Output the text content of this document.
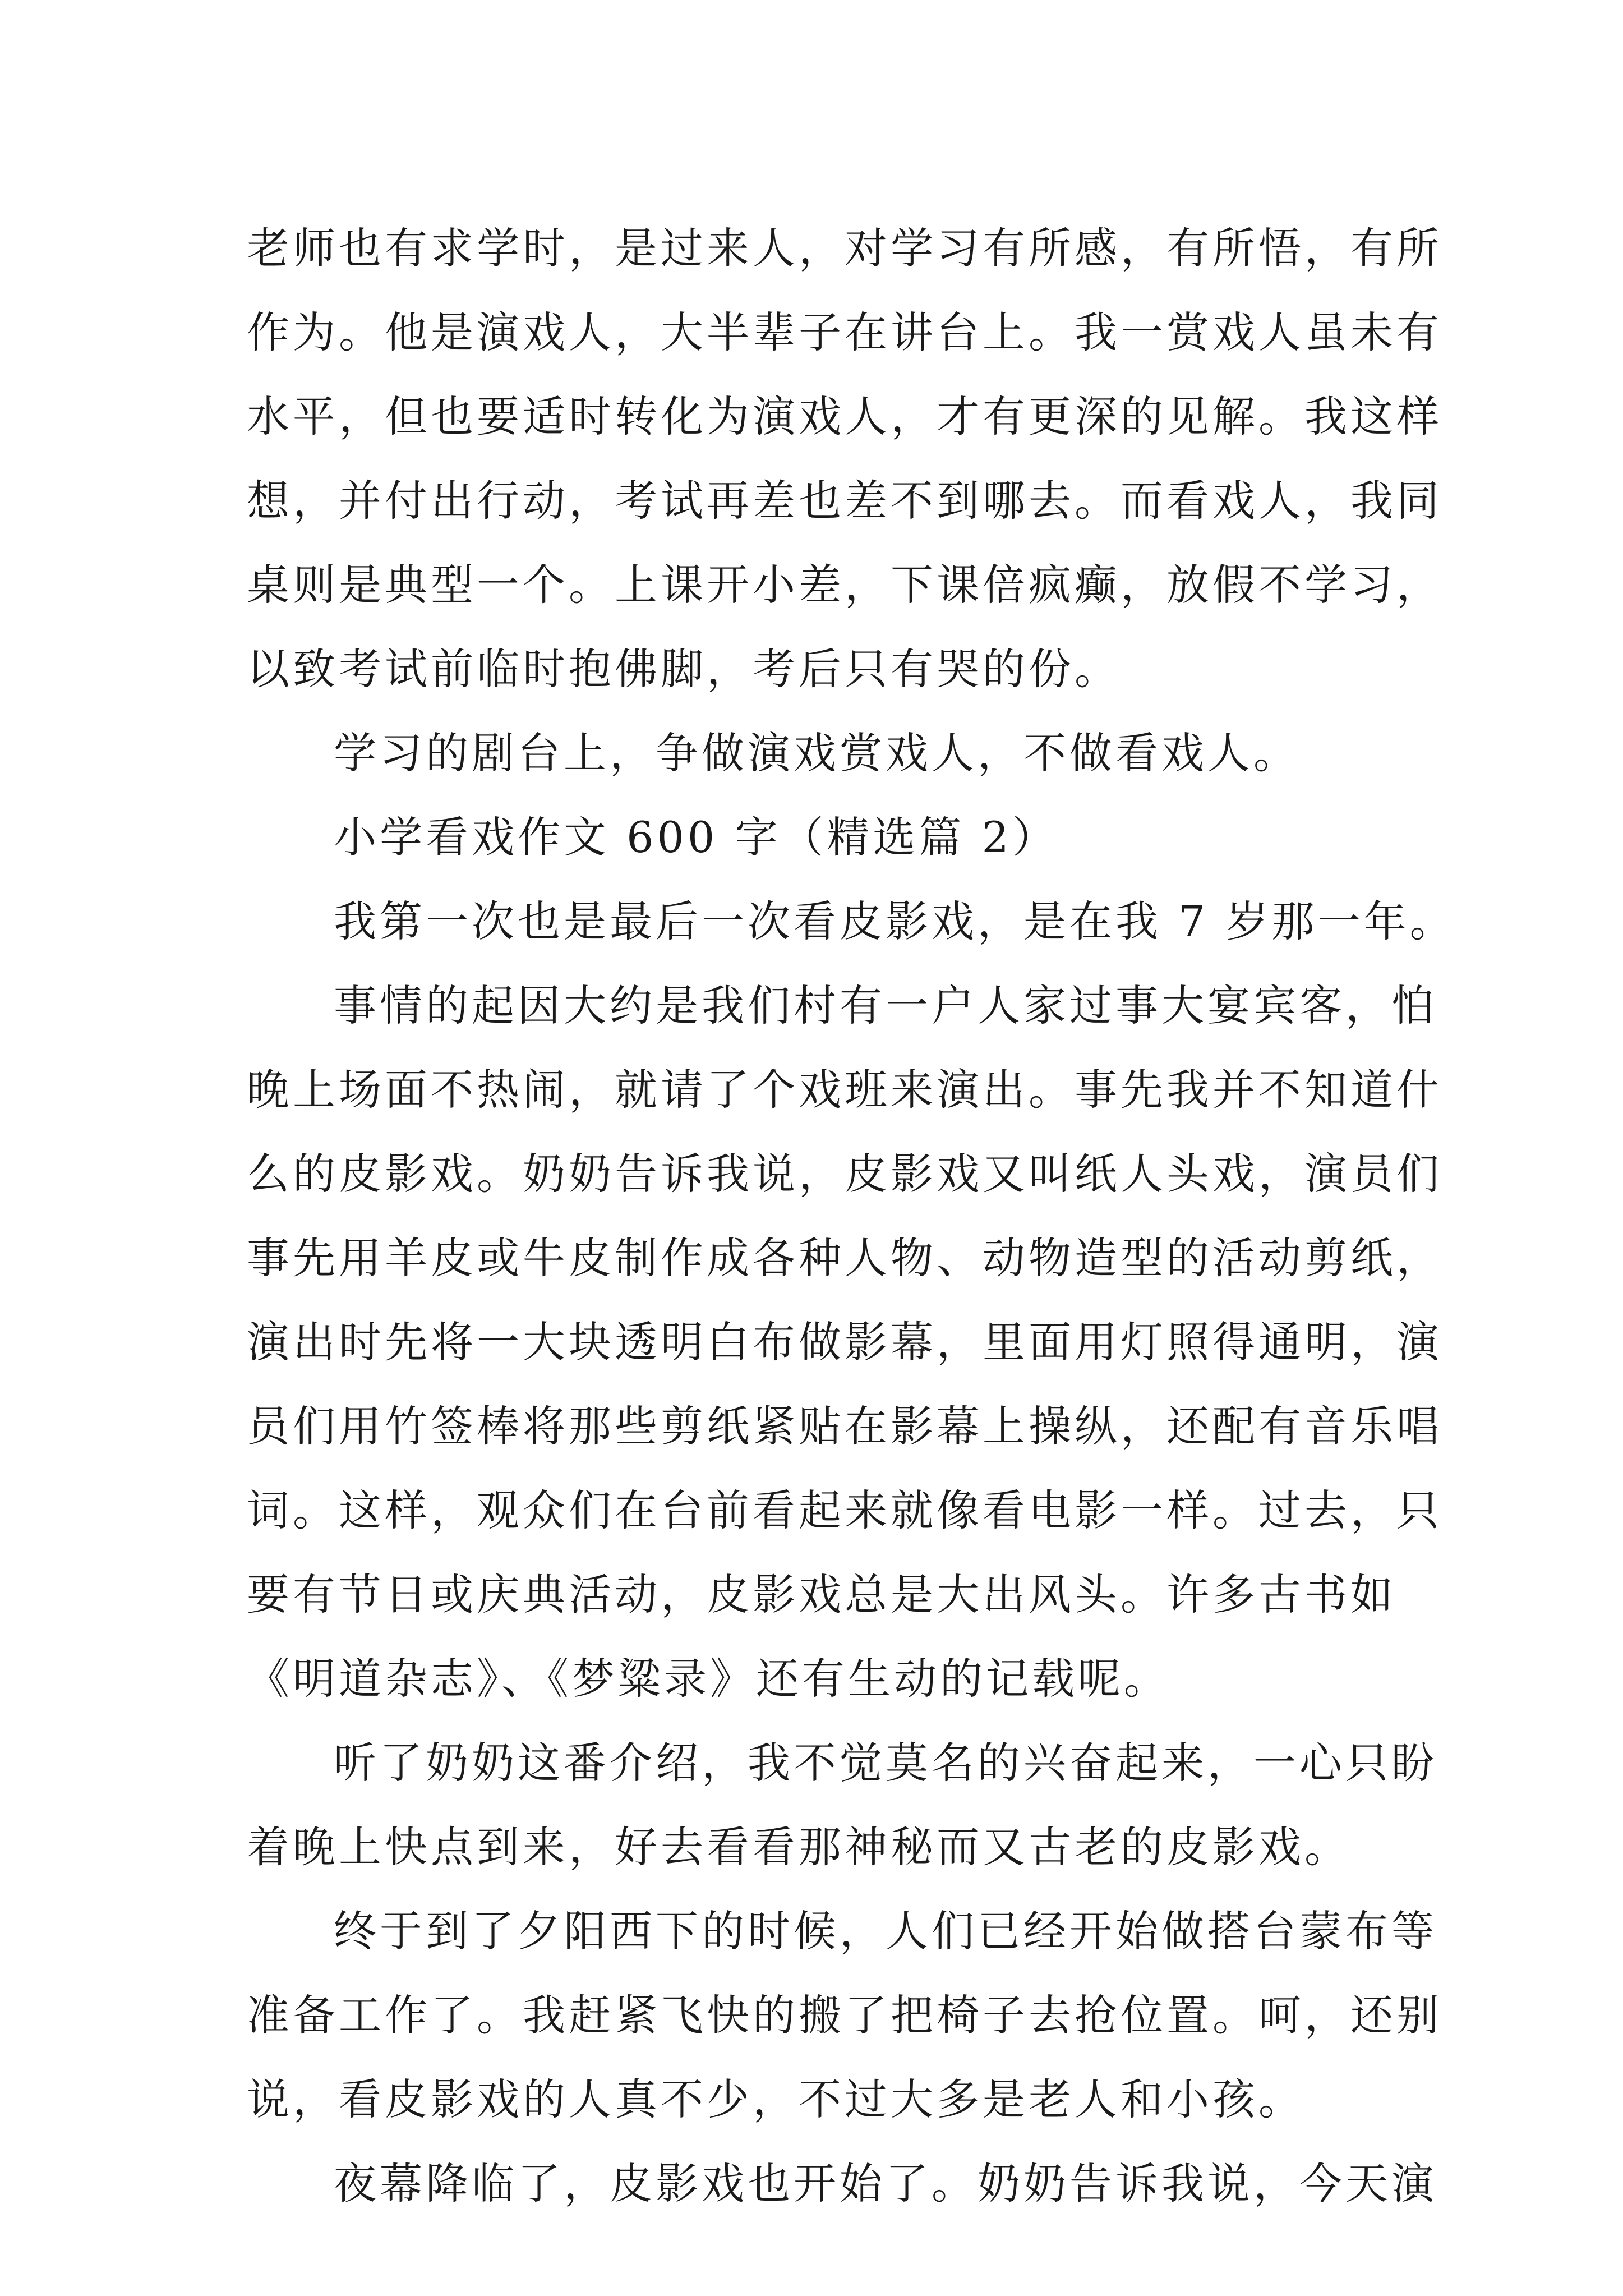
老师也有求学时，是过来人，对学习有所感，有所悟，有所
作为。他是演戏人，大半辈子在讲台上。我一赏戏人虽未有
水平，但也要适时转化为演戏人，才有更深的见解。我这样
想，并付出行动，考试再差也差不到哪去。而看戏人，我同
桌则是典型一个。上课开小差，下课倍疯癫，放假不学习，
以致考试前临时抱佛脚，考后只有哭的份。
学习的剧台上，争做演戏赏戏人，不做看戏人。
小学看戏作文 600 字（精选篇 2）
我第一次也是最后一次看皮影戏，是在我 7 岁那一年。
事情的起因大约是我们村有一户人家过事大宴宾客，怕
晚上场面不热闹，就请了个戏班来演出。事先我并不知道什
么的皮影戏。奶奶告诉我说，皮影戏又叫纸人头戏，演员们
事先用羊皮或牛皮制作成各种人物、动物造型的活动剪纸，
演出时先将一大块透明白布做影幕，里面用灯照得通明，演
员们用竹签棒将那些剪纸紧贴在影幕上操纵，还配有音乐唱
词。这样，观众们在台前看起来就像看电影一样。过去，只
要有节日或庆典活动，皮影戏总是大出风头。许多古书如
《明道杂志》、《梦粱录》还有生动的记载呢。
听了奶奶这番介绍，我不觉莫名的兴奋起来，一心只盼
着晚上快点到来，好去看看那神秘而又古老的皮影戏。
终于到了夕阳西下的时候，人们已经开始做搭台蒙布等
准备工作了。我赶紧飞快的搬了把椅子去抢位置。呵，还别
说，看皮影戏的人真不少，不过大多是老人和小孩。
夜幕降临了，皮影戏也开始了。奶奶告诉我说，今天演
